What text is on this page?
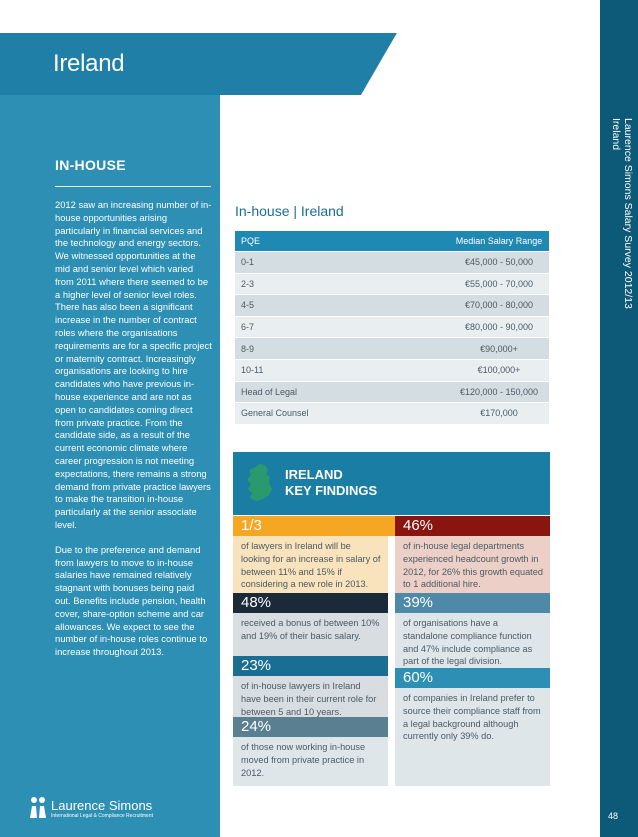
Ireland
IN-HOUSE

2012 saw an increasing number of in-house opportunities arising particularly in financial services and the technology and energy sectors. We witnessed opportunities at the mid and senior level which varied from 2011 where there seemed to be a higher level of senior level roles. There has also been a significant increase in the number of contract roles where the organisations requirements are for a specific project or maternity contract. Increasingly organisations are looking to hire candidates who have previous in-house experience and are not as open to candidates coming direct from private practice. From the candidate side, as a result of the current economic climate where career progression is not meeting expectations, there remains a strong demand from private practice lawyers to make the transition in-house particularly at the senior associate level.

Due to the preference and demand from lawyers to move to in-house salaries have remained relatively stagnant with bonuses being paid out. Benefits include pension, health cover, share-option scheme and car allowances. We expect to see the number of in-house roles continue to increase throughout 2013.

Laurence Simons
International Legal & Compliance Recruitment
Laurence Simons Salary Survey 2012/13
Ireland
48
In-house | Ireland
PQE	Median Salary Range
0-1	€45,000 - 50,000
2-3	€55,000 - 70,000
4-5	€70,000 - 80,000
6-7	€80,000 - 90,000
8-9	€90,000+
10-11	€100,000+
Head of Legal	€120,000 - 150,000
General Counsel	€170,000
IRELAND
KEY FINDINGS
1/3
of lawyers in Ireland will be looking for an increase in salary of between 11% and 15% if considering a new role in 2013.
46%
of in-house legal departments experienced headcount growth in 2012, for 26% this growth equated to 1 additional hire.
48%
received a bonus of between 10% and 19% of their basic salary.
39%
of organisations have a standalone compliance function and 47% include compliance as part of the legal division.
23%
of in-house lawyers in Ireland have been in their current role for between 5 and 10 years.
60%
of companies in Ireland prefer to source their compliance staff from a legal background although currently only 39% do.
24%
of those now working in-house moved from private practice in 2012.
